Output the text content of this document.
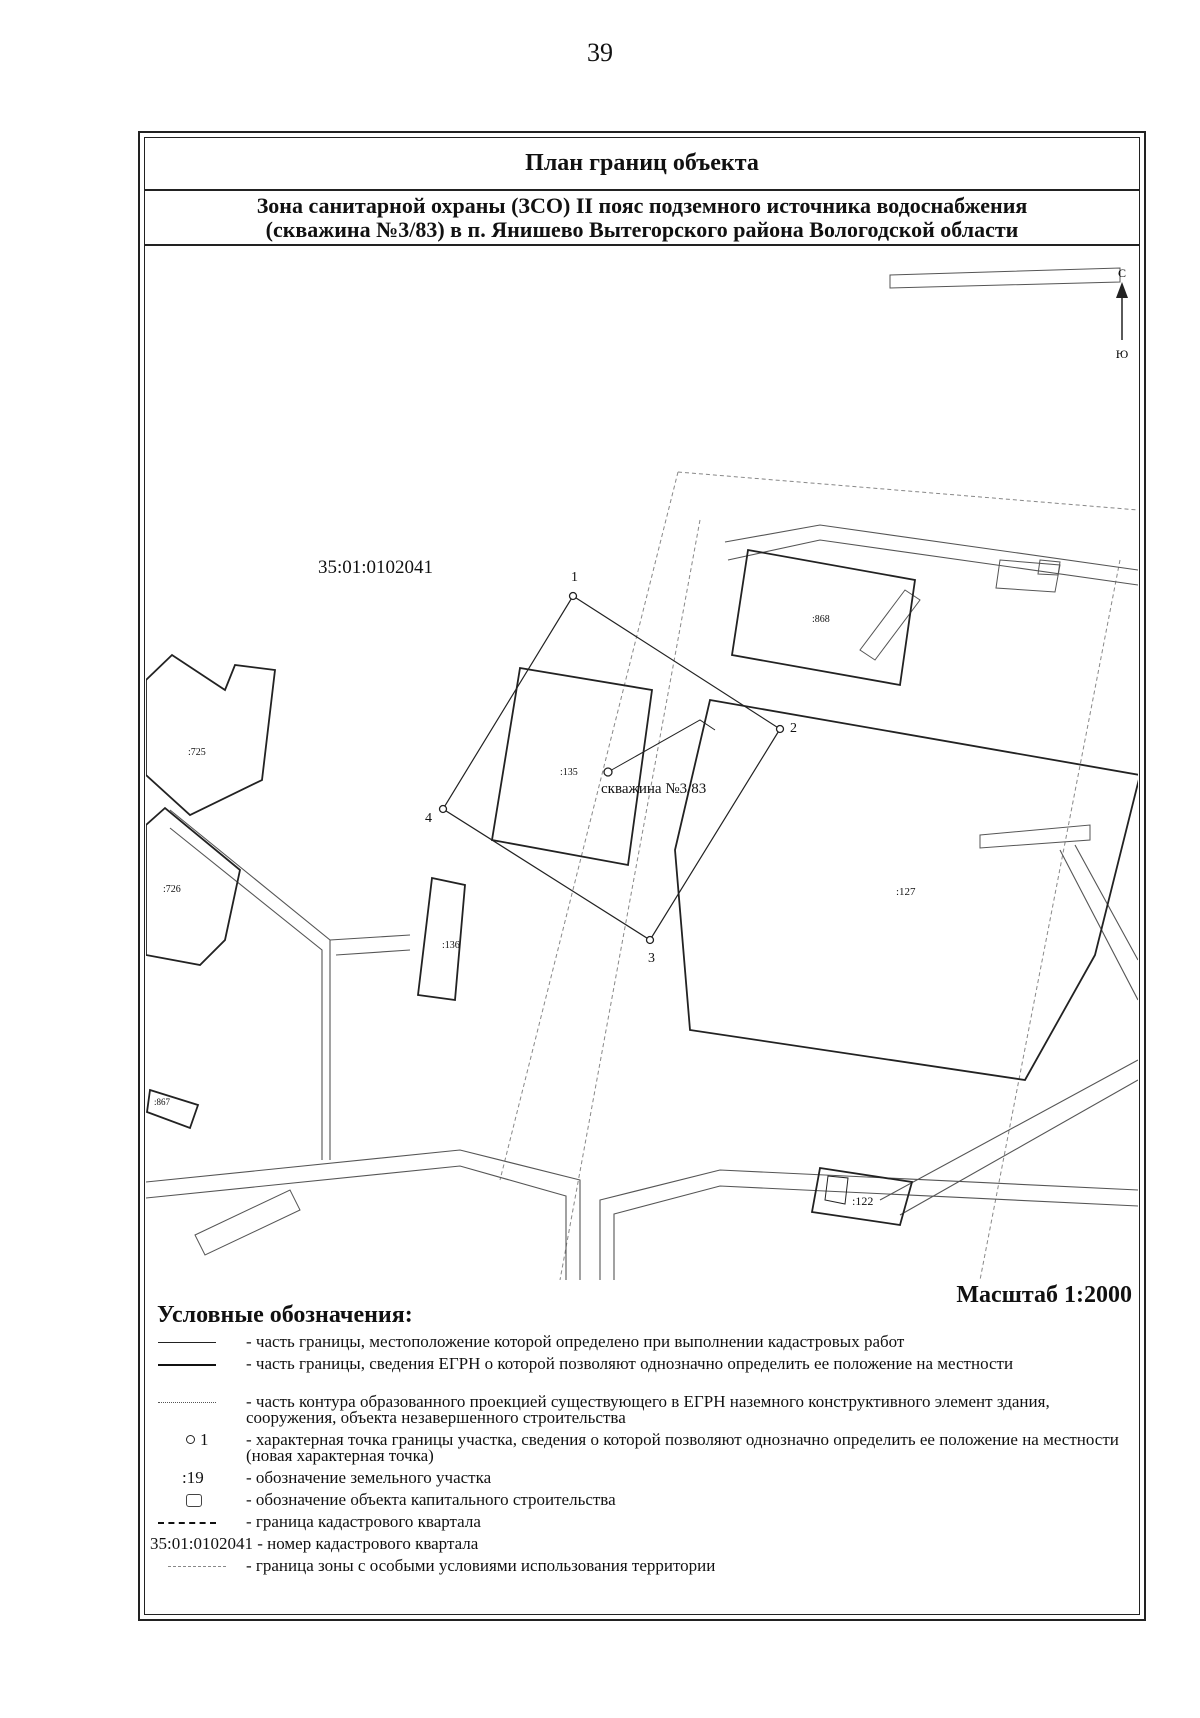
39
План границ объекта
Зона санитарной охраны (ЗСО) II пояс подземного источника водоснабжения
(скважина №3/83) в п. Янишево Вытегорского района Вологодской области
С
Ю
35:01:0102041	1
2
3
4
скважина №3/83
:868
:725
:135
:726
:136
:127
:867
:122
Масштаб 1:2000
Условные обозначения:
- часть границы, местоположение которой определено при выполнении кадастровых работ
- часть границы, сведения ЕГРН о которой позволяют однозначно определить ее положение на местности
- часть контура образованного проекцией существующего в ЕГРН наземного конструктивного элемент здания, сооружения, объекта незавершенного строительства
1 - характерная точка границы участка, сведения о которой позволяют однозначно определить ее положение на местности (новая характерная точка)
:19 - обозначение земельного участка
- обозначение объекта капитального строительства
- граница кадастрового квартала
35:01:0102041 - номер кадастрового квартала
- граница зоны с особыми условиями использования территории
